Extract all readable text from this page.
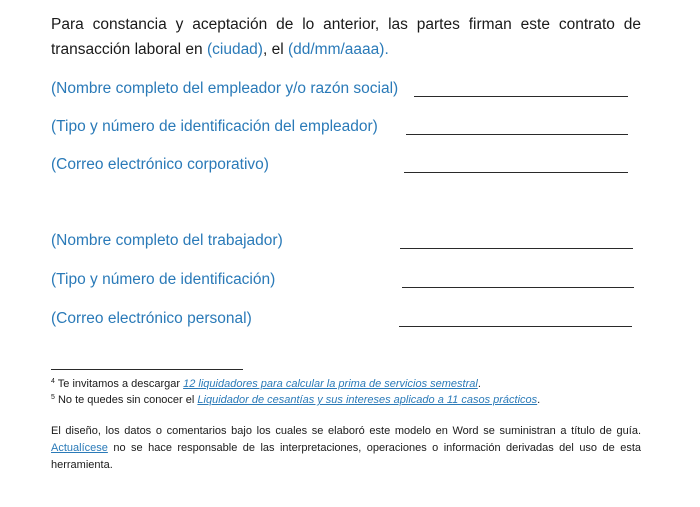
Para constancia y aceptación de lo anterior, las partes firman este contrato de transacción laboral en (ciudad), el (dd/mm/aaaa).

(Nombre completo del empleador y/o razón social)
(Tipo y número de identificación del empleador)
(Correo electrónico corporativo)
(Nombre completo del trabajador)
(Tipo y número de identificación)
(Correo electrónico personal)
$^4$ Te invitamos a descargar 12 liquidadores para calcular la prima de servicios semestral.
$^5$ No te quedes sin conocer el Liquidador de cesantías y sus intereses aplicado a 11 casos prácticos.

El diseño, los datos o comentarios bajo los cuales se elaboró este modelo en Word se suministran a título de guía. Actualícese no se hace responsable de las interpretaciones, operaciones o información derivadas del uso de esta herramienta.
